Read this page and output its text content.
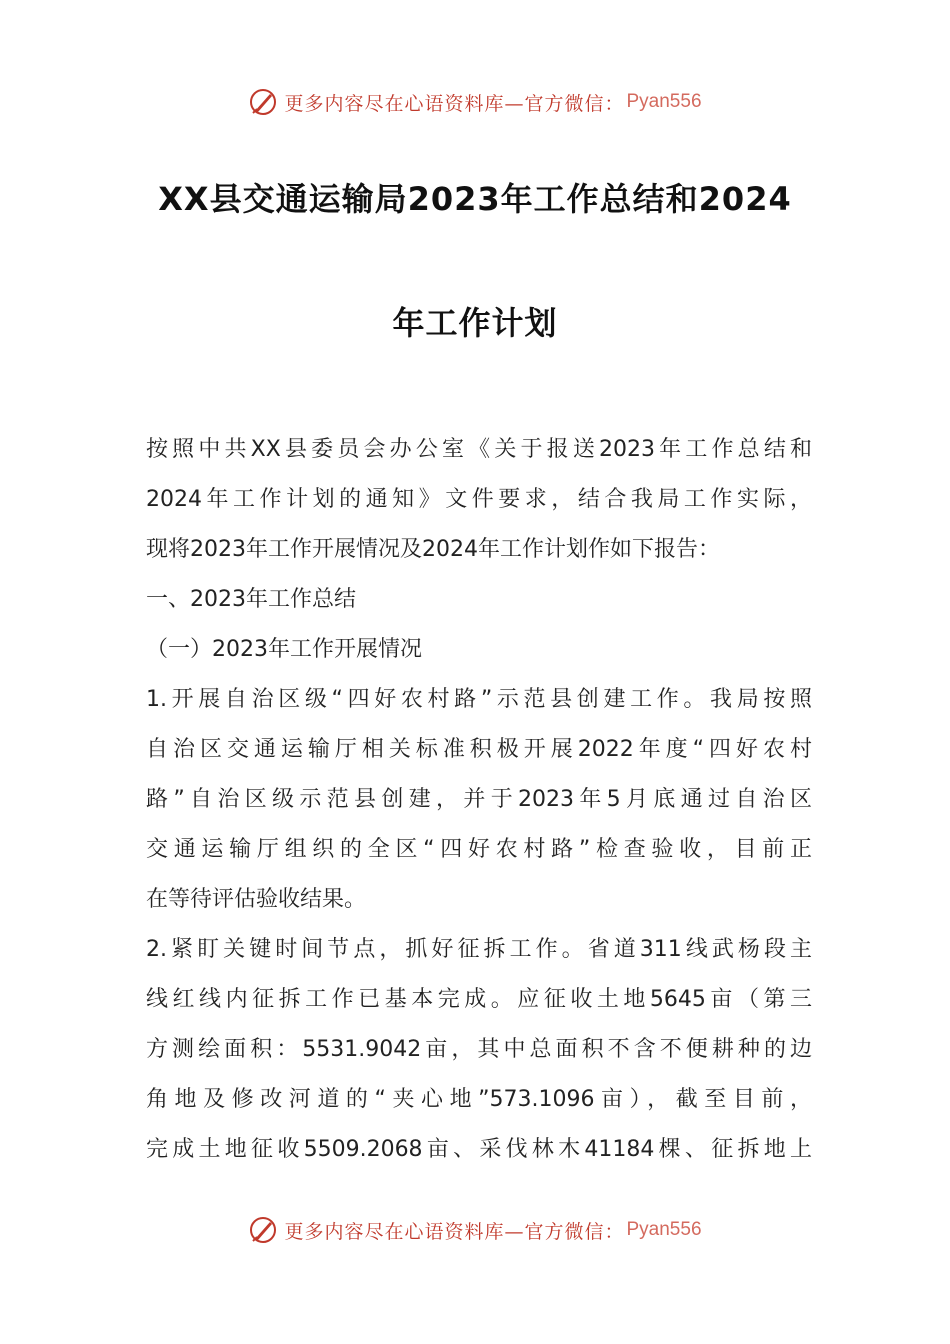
更多内容尽在心语资料库—官方微信： Pyan556
XX县交通运输局2023年工作总结和2024
年工作计划
按照中共XX县委员会办公室《关于报送2023年工作总结和
2024年工作计划的通知》文件要求，结合我局工作实际，
现将2023年工作开展情况及2024年工作计划作如下报告：
一、2023年工作总结
（一）2023年工作开展情况
1.开展自治区级“四好农村路”示范县创建工作。我局按照
自治区交通运输厅相关标准积极开展2022年度“四好农村
路”自治区级示范县创建，并于2023年5月底通过自治区
交通运输厅组织的全区“四好农村路”检查验收，目前正
在等待评估验收结果。
2.紧盯关键时间节点，抓好征拆工作。省道311线武杨段主
线红线内征拆工作已基本完成。应征收土地5645亩（第三
方测绘面积：5531.9042亩，其中总面积不含不便耕种的边
角地及修改河道的“夹心地”573.1096亩），截至目前，
完成土地征收5509.2068亩、采伐林木41184棵、征拆地上
更多内容尽在心语资料库—官方微信： Pyan556
